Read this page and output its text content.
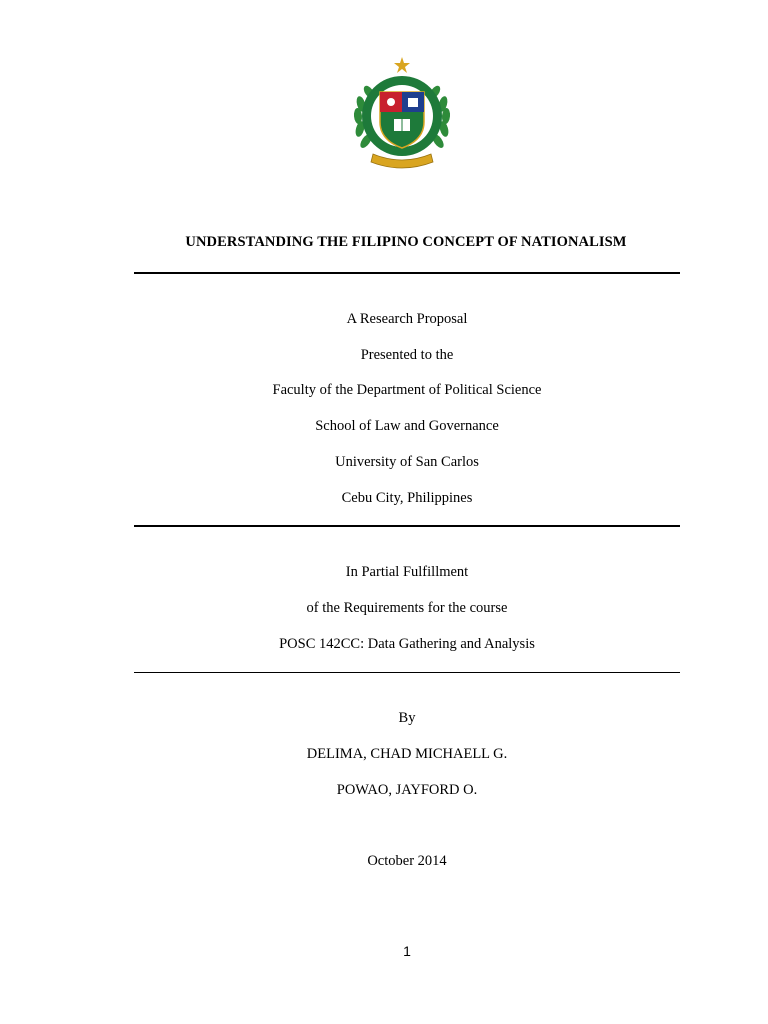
UNDERSTANDING THE FILIPINO CONCEPT OF NATIONALISM
A Research Proposal
Presented to the
Faculty of the Department of Political Science
School of Law and Governance
University of San Carlos
Cebu City, Philippines
In Partial Fulfillment
of the Requirements for the course
POSC 142CC: Data Gathering and Analysis
By
DELIMA, CHAD MICHAELL G.
POWAO, JAYFORD O.
October 2014
1
